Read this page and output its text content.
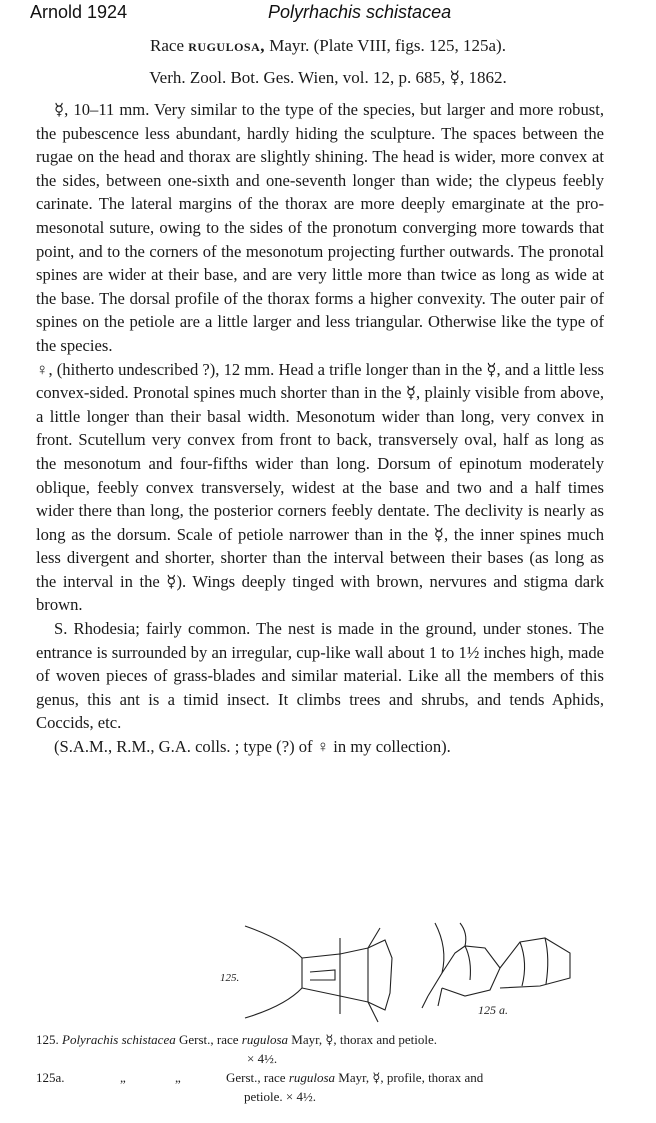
Arnold 1924	Polyrhachis schistacea
Race rugulosa, Mayr. (Plate VIII, figs. 125, 125a).
Verh. Zool. Bot. Ges. Wien, vol. 12, p. 685, ☿, 1862.

☿, 10–11 mm. Very similar to the type of the species, but larger and more robust, the pubescence less abundant, hardly hiding the sculpture. The spaces between the rugae on the head and thorax are slightly shining. The head is wider, more convex at the sides, between one-sixth and one-seventh longer than wide; the clypeus feebly carinate. The lateral margins of the thorax are more deeply emarginate at the pro-mesonotal suture, owing to the sides of the pronotum converging more towards that point, and to the corners of the mesonotum projecting further outwards. The pronotal spines are wider at their base, and are very little more than twice as long as wide at the base. The dorsal profile of the thorax forms a higher convexity. The outer pair of spines on the petiole are a little larger and less triangular. Otherwise like the type of the species.

♀, (hitherto undescribed ?), 12 mm. Head a trifle longer than in the ☿, and a little less convex-sided. Pronotal spines much shorter than in the ☿, plainly visible from above, a little longer than their basal width. Mesonotum wider than long, very convex in front. Scutellum very convex from front to back, transversely oval, half as long as the mesonotum and four-fifths wider than long. Dorsum of epinotum moderately oblique, feebly convex transversely, widest at the base and two and a half times wider there than long, the posterior corners feebly dentate. The declivity is nearly as long as the dorsum. Scale of petiole narrower than in the ☿, the inner spines much less divergent and shorter, shorter than the interval between their bases (as long as the interval in the ☿). Wings deeply tinged with brown, nervures and stigma dark brown.

S. Rhodesia; fairly common. The nest is made in the ground, under stones. The entrance is surrounded by an irregular, cup-like wall about 1 to 1½ inches high, made of woven pieces of grass-blades and similar material. Like all the members of this genus, this ant is a timid insect. It climbs trees and shrubs, and tends Aphids, Coccids, etc.

(S.A.M., R.M., G.A. colls. ; type (?) of ♀ in my collection).

125.
125 a.
125. Polyrachis schistacea Gerst., race rugulosa Mayr, ☿, thorax and petiole.
× 4½.
125a.	„	„	Gerst., race rugulosa Mayr, ☿, profile, thorax and
petiole. × 4½.
